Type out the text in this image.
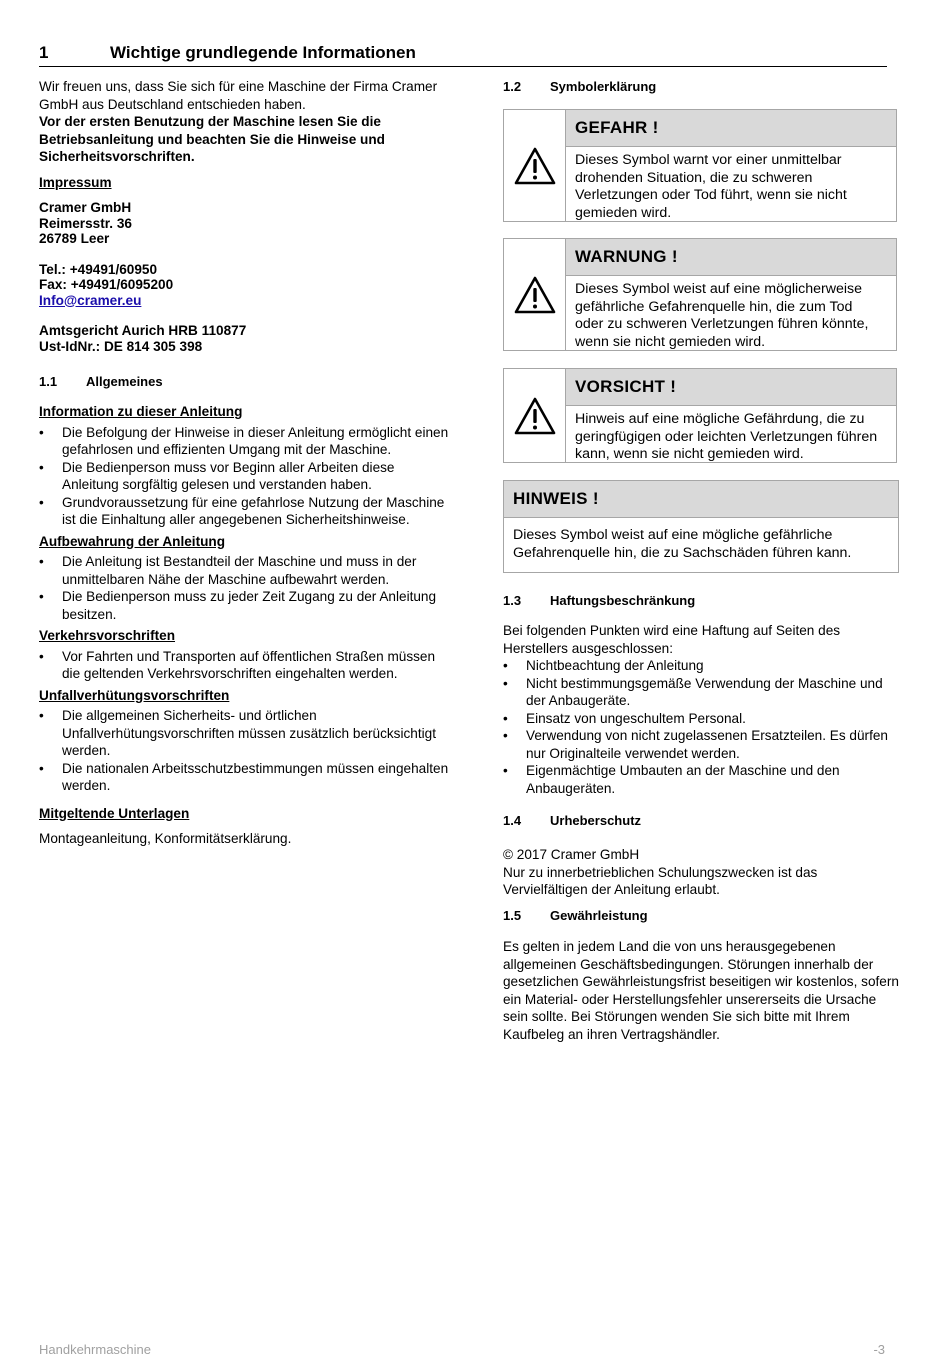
1	Wichtige grundlegende Informationen

Wir freuen uns, dass Sie sich für eine Maschine der Firma Cramer GmbH aus Deutschland entschieden haben.

Vor der ersten Benutzung der Maschine lesen Sie die Betriebsanleitung und beachten Sie die Hinweise und Sicherheitsvorschriften.

Impressum

Cramer GmbH
Reimersstr. 36
26789 Leer
Tel.: +49491/60950
Fax: +49491/6095200
Info@cramer.eu
Amtsgericht Aurich HRB 110877
Ust-IdNr.: DE 814 305 398
1.1 Allgemeines

Information zu dieser Anleitung

• Die Befolgung der Hinweise in dieser Anleitung ermöglicht einen gefahrlosen und effizienten Umgang mit der Maschine.
• Die Bedienperson muss vor Beginn aller Arbeiten diese Anleitung sorgfältig gelesen und verstanden haben.
• Grundvoraussetzung für eine gefahrlose Nutzung der Maschine ist die Einhaltung aller angegebenen Sicherheitshinweise.

Aufbewahrung der Anleitung

• Die Anleitung ist Bestandteil der Maschine und muss in der unmittelbaren Nähe der Maschine aufbewahrt werden.
• Die Bedienperson muss zu jeder Zeit Zugang zu der Anleitung besitzen.

Verkehrsvorschriften

• Vor Fahrten und Transporten auf öffentlichen Straßen müssen die geltenden Verkehrsvorschriften eingehalten werden.

Unfallverhütungsvorschriften

• Die allgemeinen Sicherheits- und örtlichen Unfallverhütungsvorschriften müssen zusätzlich berücksichtigt werden.
• Die nationalen Arbeitsschutzbestimmungen müssen eingehalten werden.

Mitgeltende Unterlagen

Montageanleitung, Konformitätserklärung.

1.2 Symbolerklärung
GEFAHR !
Dieses Symbol warnt vor einer unmittelbar drohenden Situation, die zu schweren Verletzungen oder Tod führt, wenn sie nicht gemieden wird.
WARNUNG !
Dieses Symbol weist auf eine möglicherweise gefährliche Gefahrenquelle hin, die zum Tod oder zu schweren Verletzungen führen könnte, wenn sie nicht gemieden wird.
VORSICHT !
Hinweis auf eine mögliche Gefährdung, die zu geringfügigen oder leichten Verletzungen führen kann, wenn sie nicht gemieden wird.
HINWEIS !
Dieses Symbol weist auf eine mögliche gefährliche Gefahrenquelle hin, die zu Sachschäden führen kann.
1.3 Haftungsbeschränkung

Bei folgenden Punkten wird eine Haftung auf Seiten des Herstellers ausgeschlossen:

• Nichtbeachtung der Anleitung
• Nicht bestimmungsgemäße Verwendung der Maschine und der Anbaugeräte.
• Einsatz von ungeschultem Personal.
• Verwendung von nicht zugelassenen Ersatzteilen. Es dürfen nur Originalteile verwendet werden.
• Eigenmächtige Umbauten an der Maschine und den Anbaugeräten.
1.4 Urheberschutz

© 2017 Cramer GmbH

Nur zu innerbetrieblichen Schulungszwecken ist das Vervielfältigen der Anleitung erlaubt.

1.5 Gewährleistung

Es gelten in jedem Land die von uns herausgegebenen allgemeinen Geschäftsbedingungen. Störungen innerhalb der gesetzlichen Gewährleistungsfrist beseitigen wir kostenlos, sofern ein Material- oder Herstellungsfehler unsererseits die Ursache sein sollte. Bei Störungen wenden Sie sich bitte mit Ihrem Kaufbeleg an ihren Vertragshändler.

Handkehrmaschine	-3
